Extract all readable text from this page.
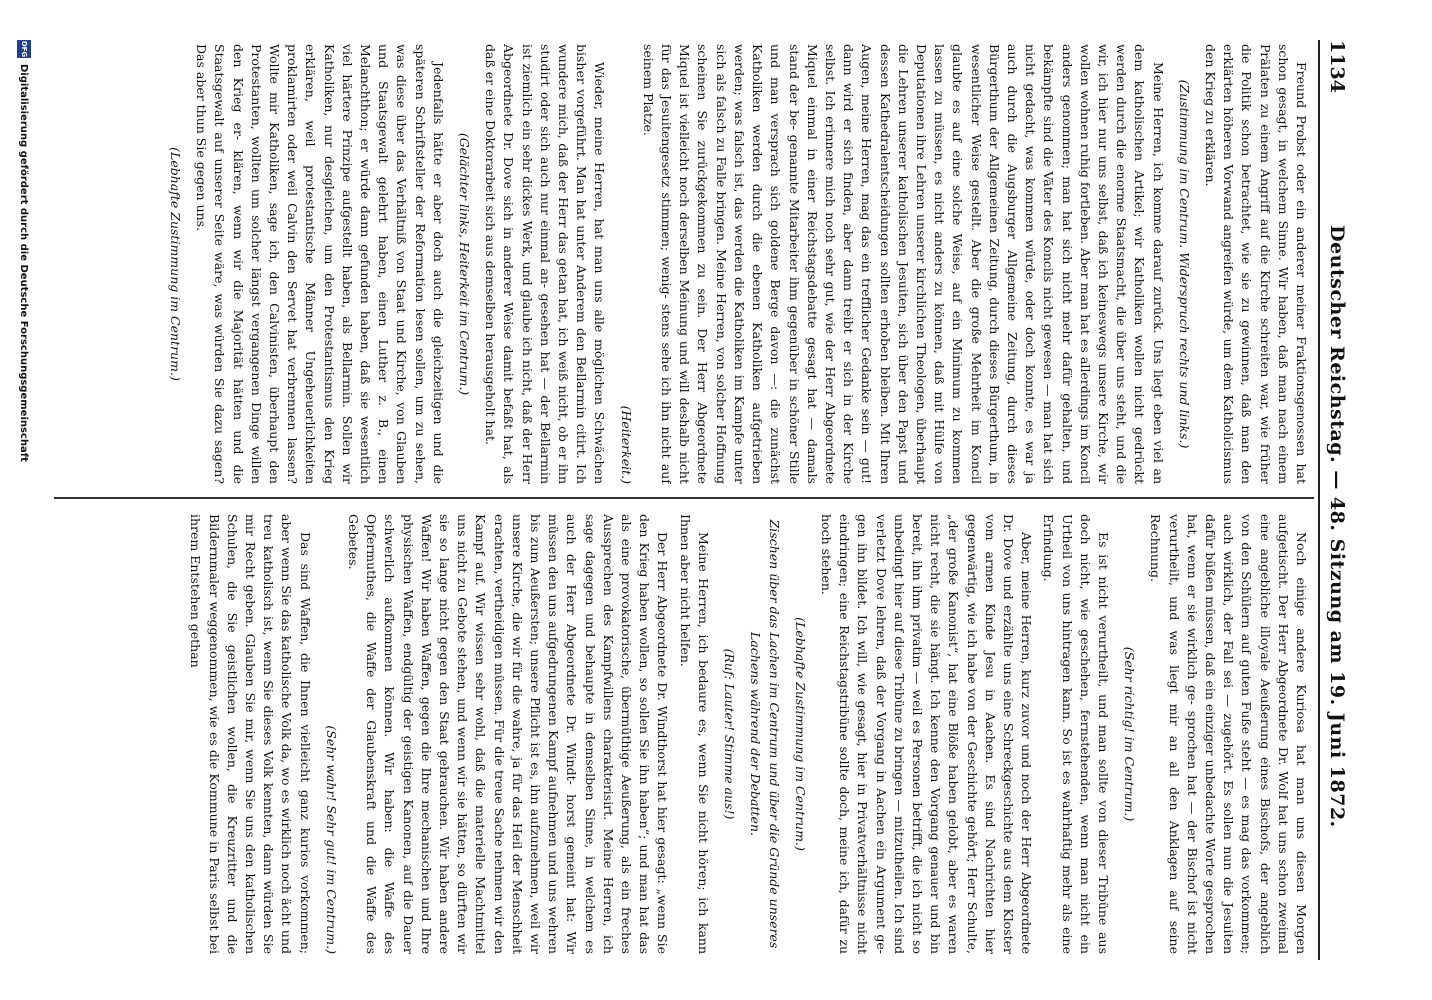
1134
Deutscher Reichstag. — 48. Sitzung am 19. Juni 1872.

Freund Probst oder ein anderer meiner Fraktionsgenossen hat schon gesagt, in welchem Sinne. Wir haben, daß man nach einem Prälaten zu einem Angriff auf die Kirche schreiten war, wie früher die Politik schon betrachtet, wie sie zu gewinnen, daß man den erklärten höheren Vorwand angreifen würde, um dem Katholicismus den Krieg zu erklären.

(Zustimmung im Centrum. Widerspruch rechts und links.)

Meine Herren, ich komme darauf zurück. Uns liegt eben viel an dem katholischen Artikel; wir Katholiken wollen nicht gedrückt werden durch die enorme Staatsmacht, die über uns steht, und die wir, ich hier nur uns selbst, daß ich keineswegs unsere Kirche, wir wollen wohnen ruhig fortleben. Aber man hat es allerdings im Koncil anders genommen; man hat sich nicht mehr dafür gehalten, und bekämpfte sind die Väter des Koncils nicht gewesen — man hat sich nicht gedacht, was kommen würde, oder doch konnte, es war ja auch durch die Augsburger Allgemeine Zeitung, durch dieses Bürgerthum der Allgemeinen Zeitung, durch dieses Bürgerthum, in wesentlicher Weise gestellt. Aber die große Mehrheit im Koncil glaubte es auf eine solche Weise, auf ein Minimum zu kommen lassen zu müssen, es nicht anders zu können, daß mit Hülfe von Deputationen ihre Lehren unserer kirchlichen Theologen, überhaupt die Lehren unserer katholischen Jesuiten, sich über den Papst und dessen Kathedralentscheidungen sollten erhoben bleiben. Mit Ihren Augen, meine Herren, mag das ein trefflicher Gedanke sein — gut! dann wird er sich finden, aber dann treibt er sich in der Kirche selbst. Ich erinnere mich noch sehr gut, wie der Herr Abgeordnete Miquel einmal in einer Reichstagsdebatte gesagt hat — damals stand der be- genannte Mitarbeiter ihm gegenüber in schöner Stille und man versprach sich goldene Berge davon —: die zunächst Katholiken werden durch die ebenen Katholiken aufgetrieben werden; was falsch ist, das werden die Katholiken im Kampfe unter sich als falsch zu Falle bringen. Meine Herren, von solcher Hoffnung scheinen Sie zurückgekommen zu sein. Der Herr Abgeordnete Miquel ist vielleicht noch derselben Meinung und will deshalb nicht für das Jesuitengesetz stimmen; wenig- stens sehe ich ihn nicht auf seinem Platze.

(Heiterkeit.)

Wieder, meine Herren, hat man uns alle möglichen Schwächen bisher vorgeführt. Man hat unter Anderem den Bellarmin citirt. Ich wundere mich, daß der Herr das getan hat, ich weiß nicht, ob er ihn studirt oder sich auch nur einmal an- gesehen hat — der Bellarmin ist ziemlich ein sehr dickes Werk, und glaube ich nicht, daß der Herr Abgeordnete Dr. Dove sich in anderer Weise damit befaßt hat, als daß er eine Doktorarbeit sich aus demselben herausgeholt hat.

(Gelächter links, Heiterkeit im Centrum.)

Jedenfalls hätte er aber doch auch die gleichzeitigen und die späteren Schriftsteller der Reformation lesen sollen, um zu sehen, was diese über das Verhältniß von Staat und Kirche, von Glauben und Staatsgewalt gelehrt haben, einen Luther z. B., einen Melanchthon; er würde dann gefunden haben, daß sie wesentlich viel härtere Prinzipe aufgestellt haben, als Bellarmin. Sollen wir Katholiken, nur desgleichen, um den Protestantismus den Krieg erklären, weil protestantische Männer Ungeheuerlichkeiten proklamirten oder weil Calvin den Servet hat verbrennen lassen? Wollte mir Katholiken, sage ich, den Calvinisten, überhaupt den Protestanten, wollten um solcher längst vergangenen Dinge willen den Krieg er- klären, wenn wir die Majorität hätten und die Staatsgewalt auf unserer Seite wäre, was würden Sie dazu sagen? Das aber thun Sie gegen uns.

(Lebhafte Zustimmung im Centrum.)

Noch einige andere Kuriosa hat man uns diesen Morgen aufgetischt. Der Herr Abgeordnete Dr. Wolf hat uns schon zweimal eine angebliche illoyale Aeußerung eines Bischofs, der angeblich von den Schülern auf guten Fuße steht — es mag das vorkommen; auch wirklich, der Fall sei — zugehört. Es sollen nun die Jesuiten dafür büßen müssen, daß ein einziger unbedachte Worte gesprochen hat, wenn er sie wirklich ge- sprochen hat — der Bischof ist nicht verurtheilt, und was liegt mir an all den Anklagen auf seine Rechnung.

(Sehr richtig! im Centrum.)

Es ist nicht verurtheilt, und man sollte von dieser Tribüne aus doch nicht, wie geschehen, fernstehenden, wenn man nicht ein Urtheil von uns hintragen kann. So ist es wahrhaftig mehr als eine Erfindung.

Aber, meine Herren, kurz zuvor und noch der Herr Abgeordnete Dr. Dove und erzählte uns eine Schreckgeschichte aus dem Kloster vom armen Kinde Jesu in Aachen. Es sind Nachrichten hier gegenwärtig, wie ich habe von der Geschichte gehört; Herr Schulte, „der große Kanonist“, hat eine Blöße haben gelobt, aber es waren nicht recht, die sie hängt. Ich kenne den Vorgang genauer und bin bereit, ihn ihm privatim — weil es Personen betrifft, die ich nicht so unbedingt hier auf diese Tribüne zu bringen — mitzutheilen. Ich sind verletzt Dove lehren, daß der Vorgang in Aachen ein Argument ge- gen ihn bildet. Ich will, wie gesagt, hier in Privatverhältnisse nicht eindringen; eine Reichstagstribüne sollte doch, meine ich, dafür zu hoch stehen.

(Lebhafte Zustimmung im Centrum.)

Zischen über das Lachen im Centrum und über die Gründe unseres Lachens während der Debatten.

(Ruf: Lauter! Stimme aus!)

Meine Herren, ich bedaure es, wenn Sie nicht hören; ich kann Ihnen aber nicht helfen.

Der Herr Abgeordnete Dr. Windthorst hat hier gesagt: „wenn Sie den Krieg haben wollen, so sollen Sie ihn haben“; und man hat das als eine provokatorische, übermüthige Aeußerung, als ein freches Aussprechen des Kampfwillens charakterisirt. Meine Herren, ich sage dagegen und behaupte in demselben Sinne, in welchem es auch der Herr Abgeordnete Dr. Windt- horst gemeint hat: Wir müssen den uns aufgedrungenen Kampf aufnehmen und uns wehren bis zum Aeußersten; unsere Pflicht ist es, ihn aufzunehmen, weil wir unsere Kirche, die wir für die wahre, ja für das Heil der Menschheit erachten, vertheidigen müssen. Für die treue Sache nehmen wir den Kampf auf. Wir wissen sehr wohl, daß die materielle Machtmittel uns nicht zu Gebote stehen, und wenn wir sie hätten, so dürften wir sie so lange nicht gegen den Staat gebrauchen. Wir haben andere Waffen! Wir haben Waffen, gegen die Ihre mechanischen und Ihre physischen Waffen, endgültig der geistigen Kanonen, auf die Dauer schwerlich aufkommen können. Wir haben: die Waffe des Opfermuthes, die Waffe der Glaubenskraft und die Waffe des Gebetes.

(Sehr wahr! Sehr gut! im Centrum.)

Das sind Waffen, die Ihnen vielleicht ganz kurios vorkommen; aber wenn Sie das katholische Volk da, wo es wirklich noch ächt und treu katholisch ist, wenn Sie dieses Volk kennten, dann würden Sie mir Recht geben. Glauben Sie mir, wenn Sie uns den katholischen Schulen, die Sie geistlichen wollen, die Kreuzritter und die Bildernmaler weggenommen, wie es die Kommune in Paris selbst bei ihrem Entstehen gethan

DFG
Digitalisierung gefördert durch die Deutsche Forschungsgemeinschaft
